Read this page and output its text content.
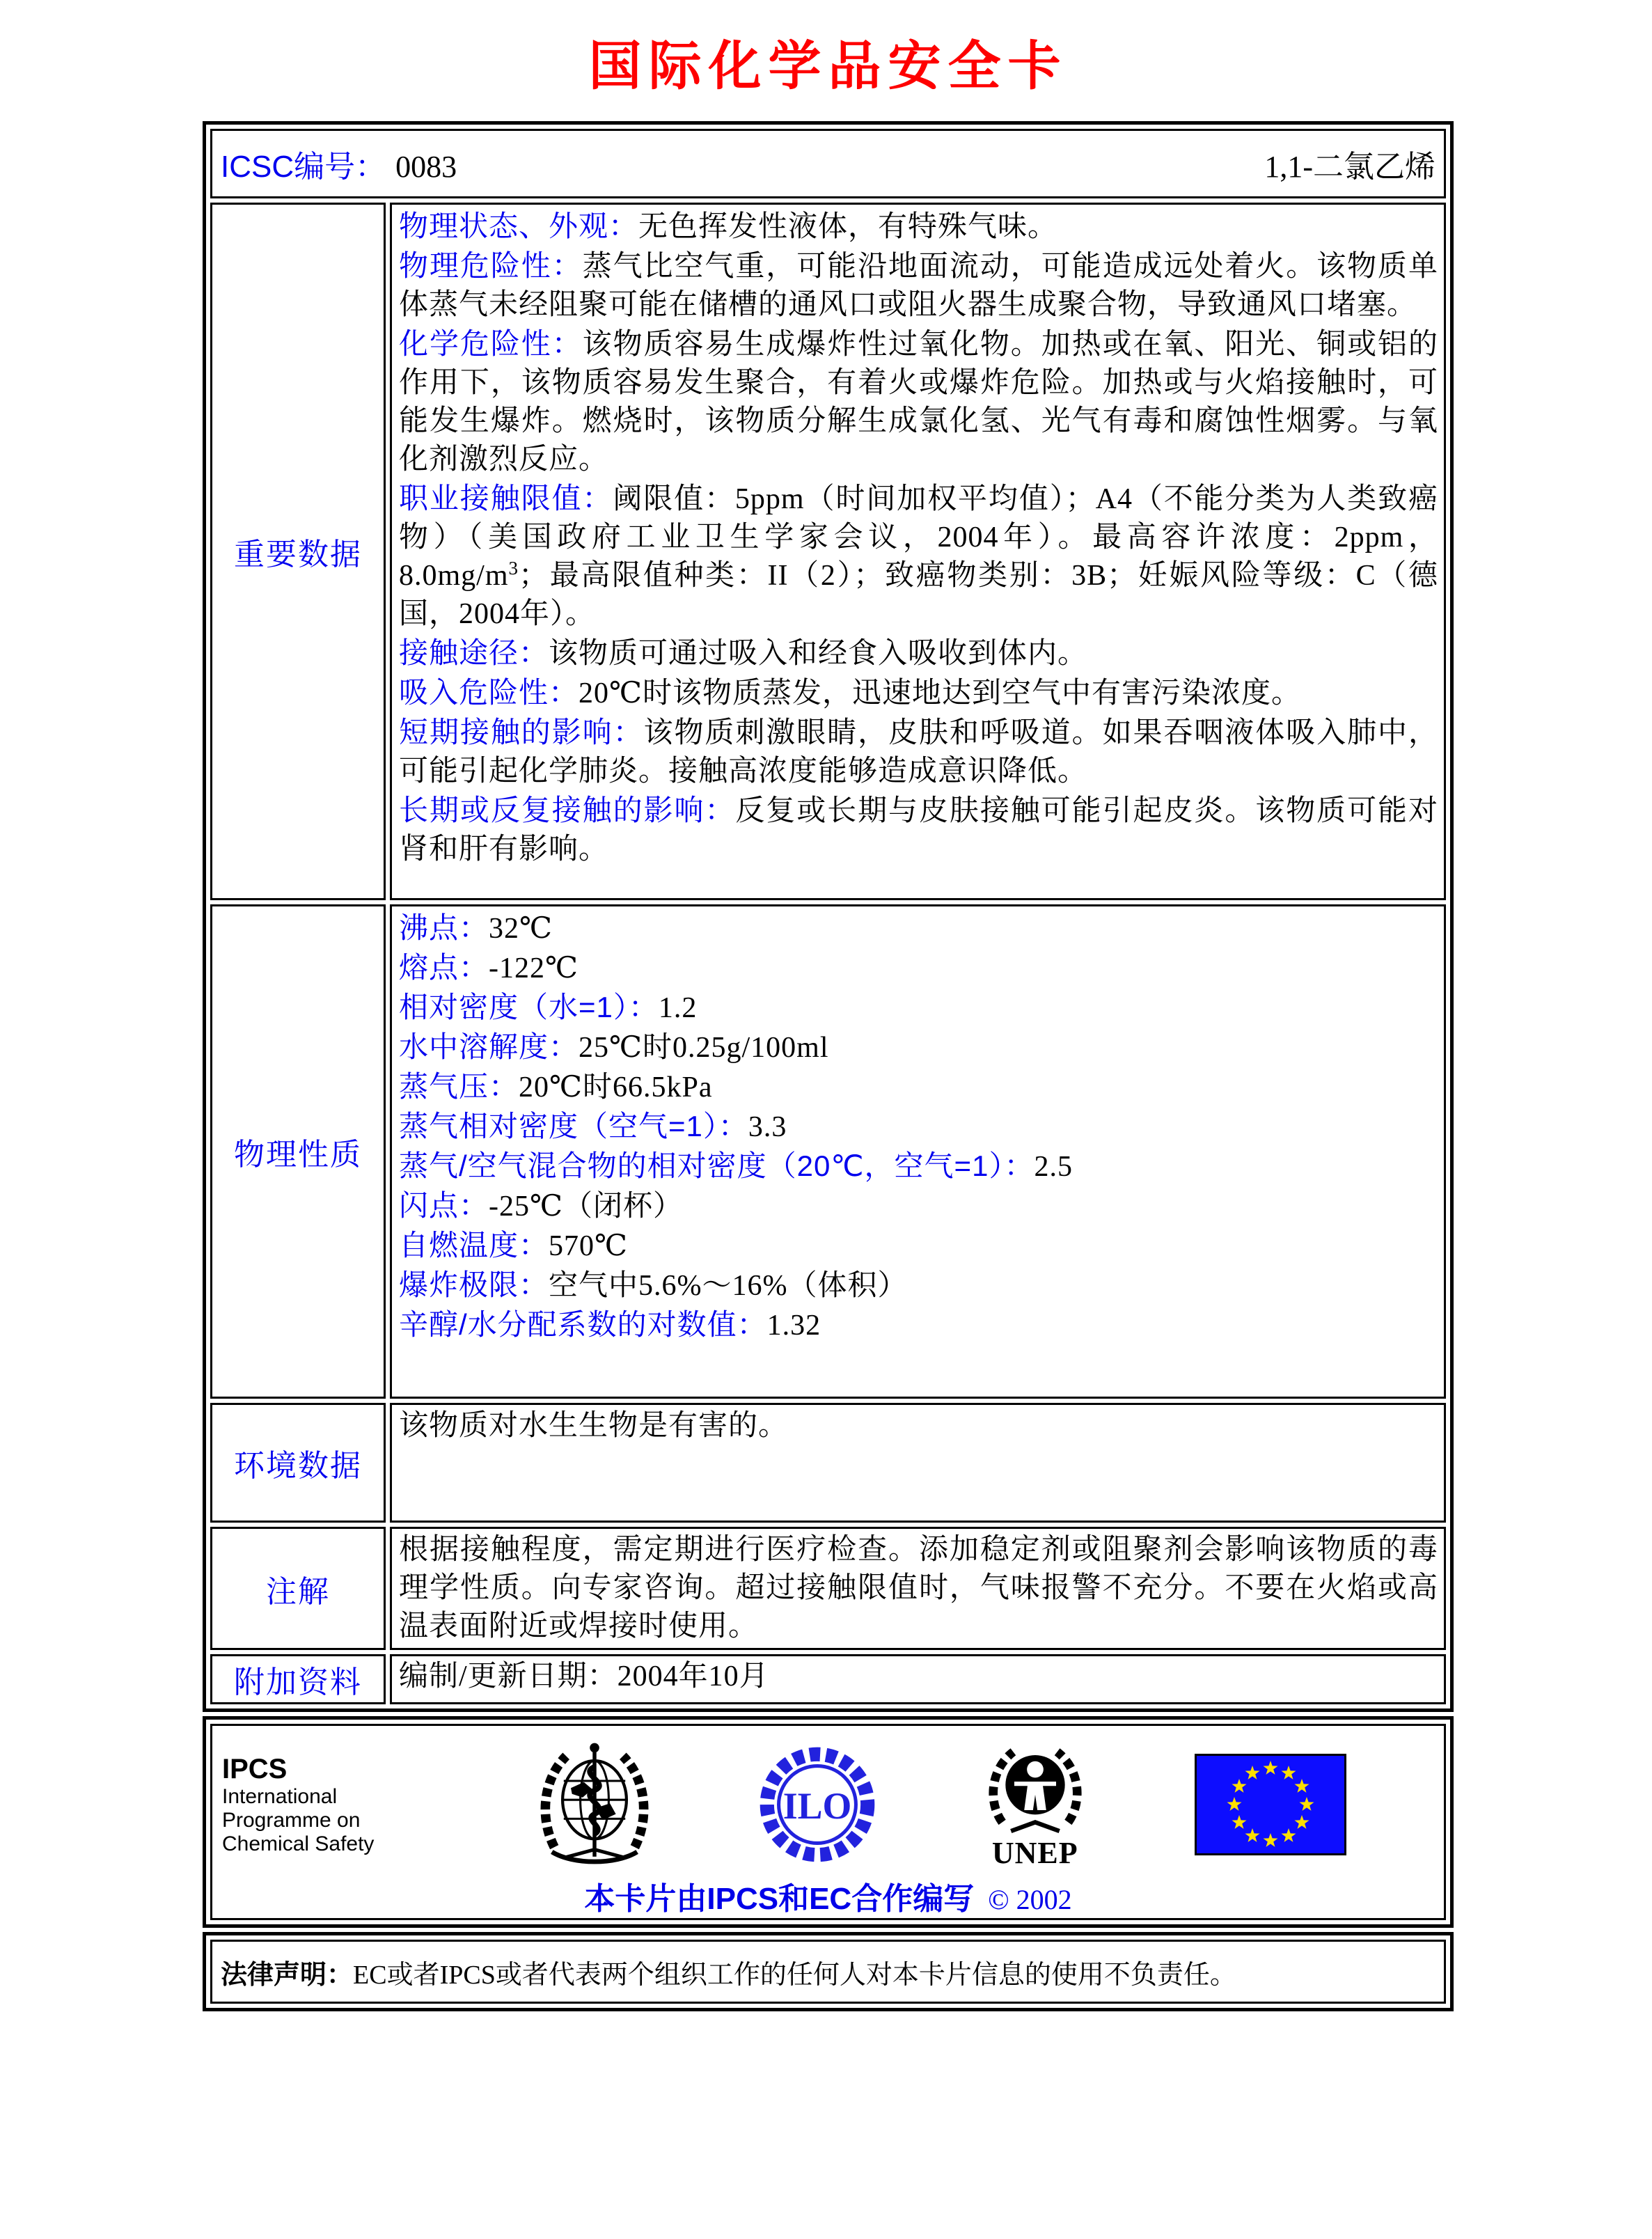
国际化学品安全卡
ICSC编号： 0083 1,1-二氯乙烯	

重要数据	
物理状态、外观：无色挥发性液体，有特殊气味。
物理危险性：蒸气比空气重，可能沿地面流动，可能造成远处着火。该物质单体蒸气未经阻聚可能在储槽的通风口或阻火器生成聚合物，导致通风口堵塞。
化学危险性：该物质容易生成爆炸性过氧化物。加热或在氧、阳光、铜或铝的作用下，该物质容易发生聚合，有着火或爆炸危险。加热或与火焰接触时，可能发生爆炸。燃烧时，该物质分解生成氯化氢、光气有毒和腐蚀性烟雾。与氧化剂激烈反应。
职业接触限值：阈限值：5ppm（时间加权平均值）；A4（不能分类为人类致癌物）（美国政府工业卫生学家会议，2004年）。最高容许浓度：2ppm，$8.0mg/m^3$；最高限值种类：II（2）；致癌物类别：3B；妊娠风险等级：C（德国，2004年）。
接触途径：该物质可通过吸入和经食入吸收到体内。
吸入危险性：20℃时该物质蒸发，迅速地达到空气中有害污染浓度。
短期接触的影响：该物质刺激眼睛，皮肤和呼吸道。如果吞咽液体吸入肺中，可能引起化学肺炎。接触高浓度能够造成意识降低。
长期或反复接触的影响：反复或长期与皮肤接触可能引起皮炎。该物质可能对肾和肝有影响。

物理性质	
沸点：32℃
熔点：-122℃
相对密度（水=1）：1.2
水中溶解度：25℃时0.25g/100ml
蒸气压：20℃时66.5kPa
蒸气相对密度（空气=1）：3.3
蒸气/空气混合物的相对密度（20℃，空气=1）：2.5
闪点：-25℃（闭杯）
自燃温度：570℃
爆炸极限：空气中5.6%～16%（体积）
辛醇/水分配系数的对数值：1.32

环境数据	该物质对水生生物是有害的。

注解	根据接触程度，需定期进行医疗检查。添加稳定剂或阻聚剂会影响该物质的毒理学性质。向专家咨询。超过接触限值时，气味报警不充分。不要在火焰或高温表面附近或焊接时使用。

附加资料	编制/更新日期：2004年10月
IPCS
International
Programme on
Chemical Safety
ILO
UNEP
本卡片由IPCS和EC合作编写 © 2002
法律声明：EC或者IPCS或者代表两个组织工作的任何人对本卡片信息的使用不负责任。
